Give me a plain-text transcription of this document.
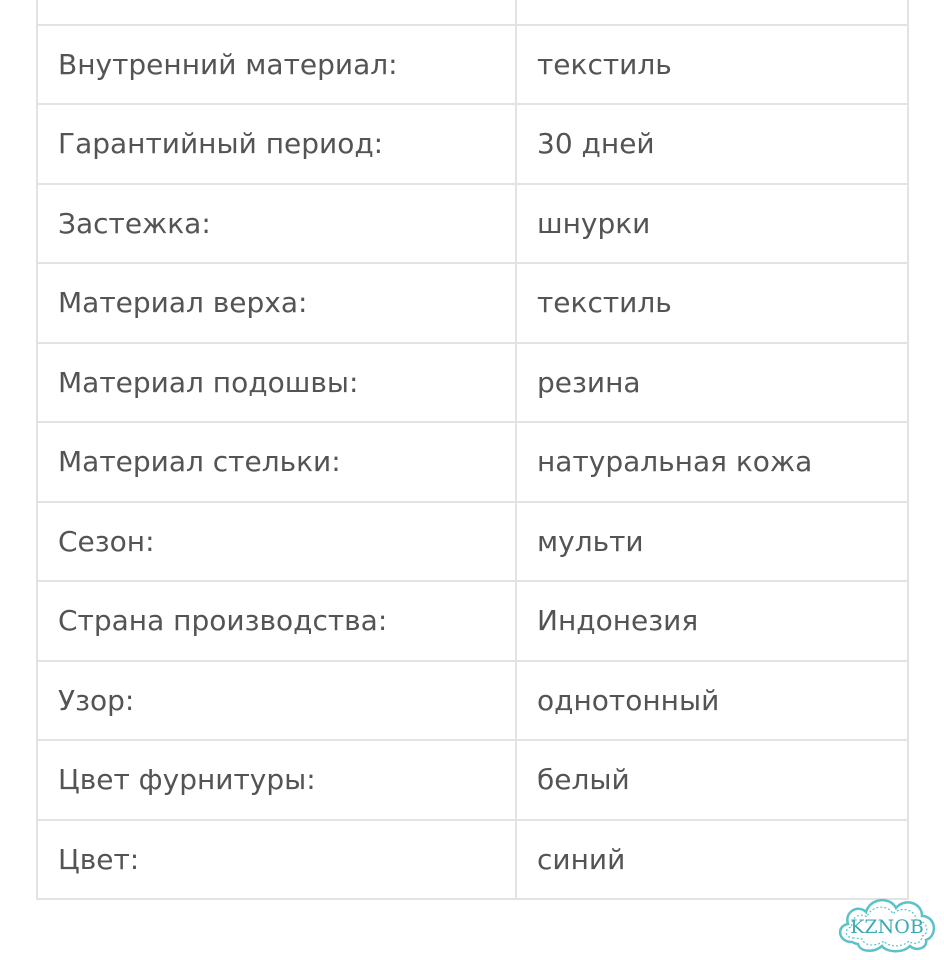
Внутренний материал:	текстиль
Гарантийный период:	30 дней
Застежка:	шнурки
Материал верха:	текстиль
Материал подошвы:	резина
Материал стельки:	натуральная кожа
Сезон:	мульти
Страна производства:	Индонезия
Узор:	однотонный
Цвет фурнитуры:	белый
Цвет:	синий
KZNOB
